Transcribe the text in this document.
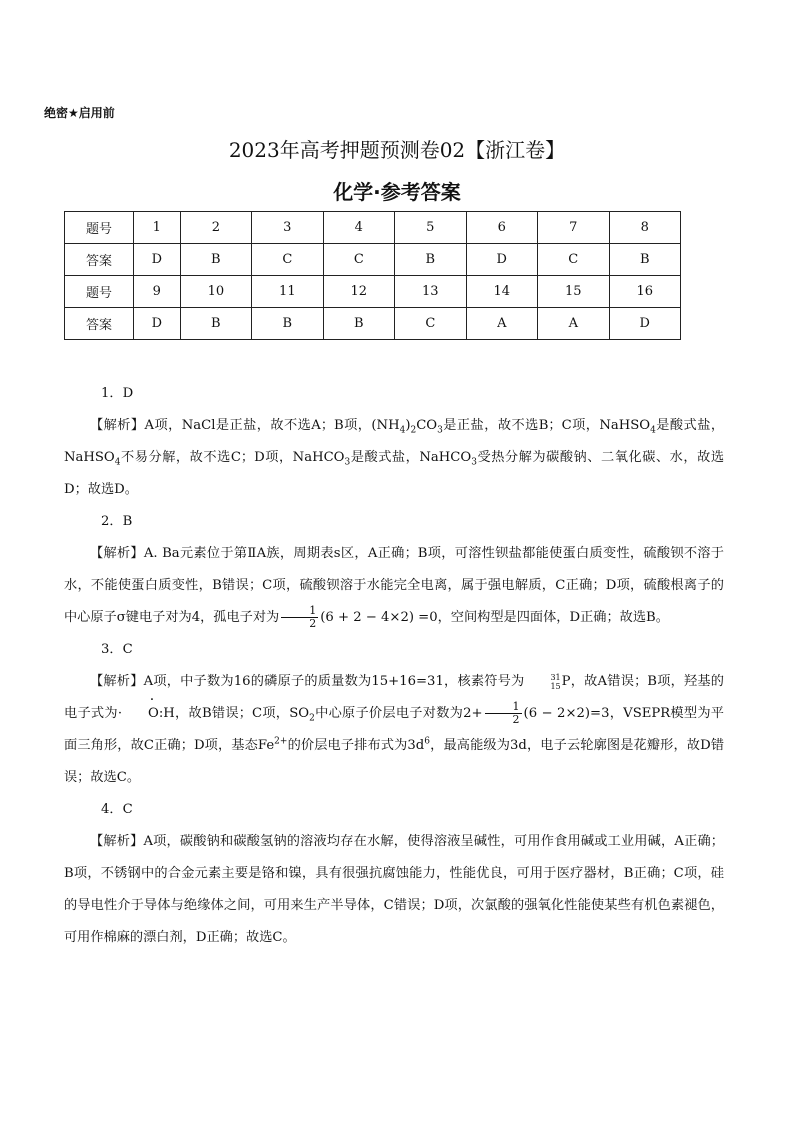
绝密★启用前
2023年高考押题预测卷02【浙江卷】
化学·参考答案
题号	1	2	3	4	5	6	7	8
答案	D	B	C	C	B	D	C	B
题号	9	10	11	12	13	14	15	16
答案	D	B	B	B	C	A	A	D
1．D
【解析】A项，NaCl是正盐，故不选A；B项，$(NH_4)_2CO_3$是正盐，故不选B；C项，NaHSO$_4$是酸式盐，NaHSO$_4$不易分解，故不选C；D项，NaHCO$_3$是酸式盐，NaHCO$_3$受热分解为碳酸钠、二氧化碳、水，故选D；故选D。
2．B
【解析】A. Ba元素位于第ⅡA族，周期表s区，A正确；B项，可溶性钡盐都能使蛋白质变性，硫酸钡不溶于水，不能使蛋白质变性，B错误；C项，硫酸钡溶于水能完全电离，属于强电解质，C正确；D项，硫酸根离子的中心原子σ键电子对为4，孤电子对为 $\frac{1}{2} (6 + 2 - 4\times 2) =0$，空间构型是四面体，D正确；故选B。
3．C
【解析】A项，中子数为16的磷原子的质量数为15+16=31，核素符号为	31
15 P，故A错误；B项，羟基的电子式为· · O:H，故B错误；C项，$SO_2$中心原子价层电子对数为$2+ \frac{1}{2} (6 - 2\times 2)=3$，VSEPR模型为平面三角形，故C正确；D项，基态$Fe^{2+}$的价层电子排布式为$3d^6$，最高能级为3d，电子云轮廓图是花瓣形，故D错误；故选C。
4．C
【解析】A项，碳酸钠和碳酸氢钠的溶液均存在水解，使得溶液呈碱性，可用作食用碱或工业用碱，A正确；B项，不锈钢中的合金元素主要是铬和镍，具有很强抗腐蚀能力，性能优良，可用于医疗器材，B正确；C项，硅的导电性介于导体与绝缘体之间，可用来生产半导体，C错误；D项，次氯酸的强氧化性能使某些有机色素褪色，可用作棉麻的漂白剂，D正确；故选C。
